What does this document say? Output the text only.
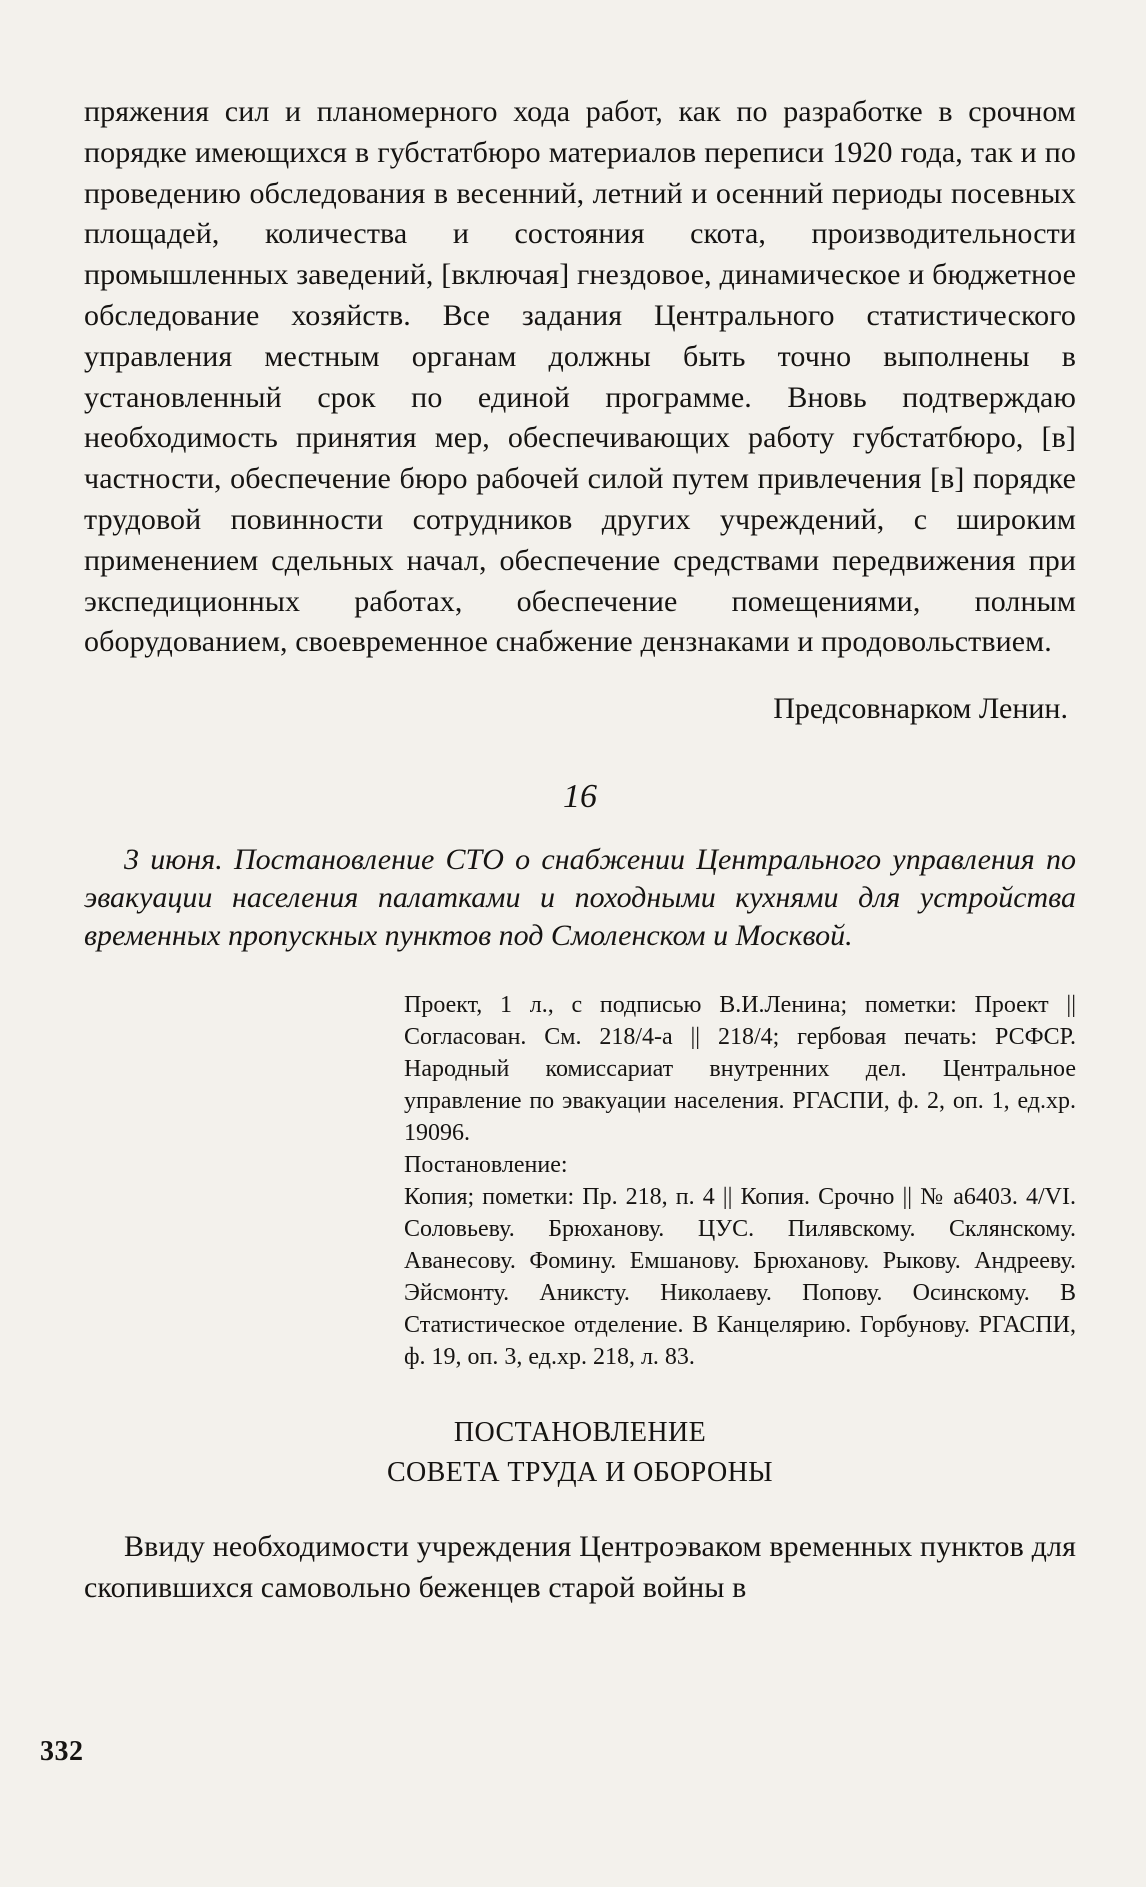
пряжения сил и планомерного хода работ, как по разработке в срочном порядке имеющихся в губстатбюро материалов переписи 1920 года, так и по проведению обследования в весенний, летний и осенний периоды посевных площадей, количества и состояния скота, производительности промышленных заведений, [включая] гнездовое, динамическое и бюджетное обследование хозяйств. Все задания Центрального статистического управления местным органам должны быть точно выполнены в установленный срок по единой программе. Вновь подтверждаю необходимость принятия мер, обеспечивающих работу губстатбюро, [в] частности, обеспечение бюро рабочей силой путем привлечения [в] порядке трудовой повинности сотрудников других учреждений, с широким применением сдельных начал, обеспечение средствами передвижения при экспедиционных работах, обеспечение помещениями, полным оборудованием, своевременное снабжение дензнаками и продовольствием.

Предсовнарком Ленин.
16

3 июня. Постановление СТО о снабжении Центрального управления по эвакуации населения палатками и походными кухнями для устройства временных пропускных пунктов под Смоленском и Москвой.

Проект, 1 л., с подписью В.И.Ленина; пометки: Проект || Согласован. См. 218/4-а || 218/4; гербовая печать: РСФСР. Народный комиссариат внутренних дел. Центральное управление по эвакуации населения. РГАСПИ, ф. 2, оп. 1, ед.хр. 19096.

Постановление:

Копия; пометки: Пр. 218, п. 4 || Копия. Срочно || № а6403. 4/VI. Соловьеву. Брюханову. ЦУС. Пилявскому. Склянскому. Аванесову. Фомину. Емшанову. Брюханову. Рыкову. Андрееву. Эйсмонту. Аниксту. Николаеву. Попову. Осинскому. В Статистическое отделение. В Канцелярию. Горбунову. РГАСПИ, ф. 19, оп. 3, ед.хр. 218, л. 83.

ПОСТАНОВЛЕНИЕ
СОВЕТА ТРУДА И ОБОРОНЫ

Ввиду необходимости учреждения Центроэваком временных пунктов для скопившихся самовольно беженцев старой войны в

332
